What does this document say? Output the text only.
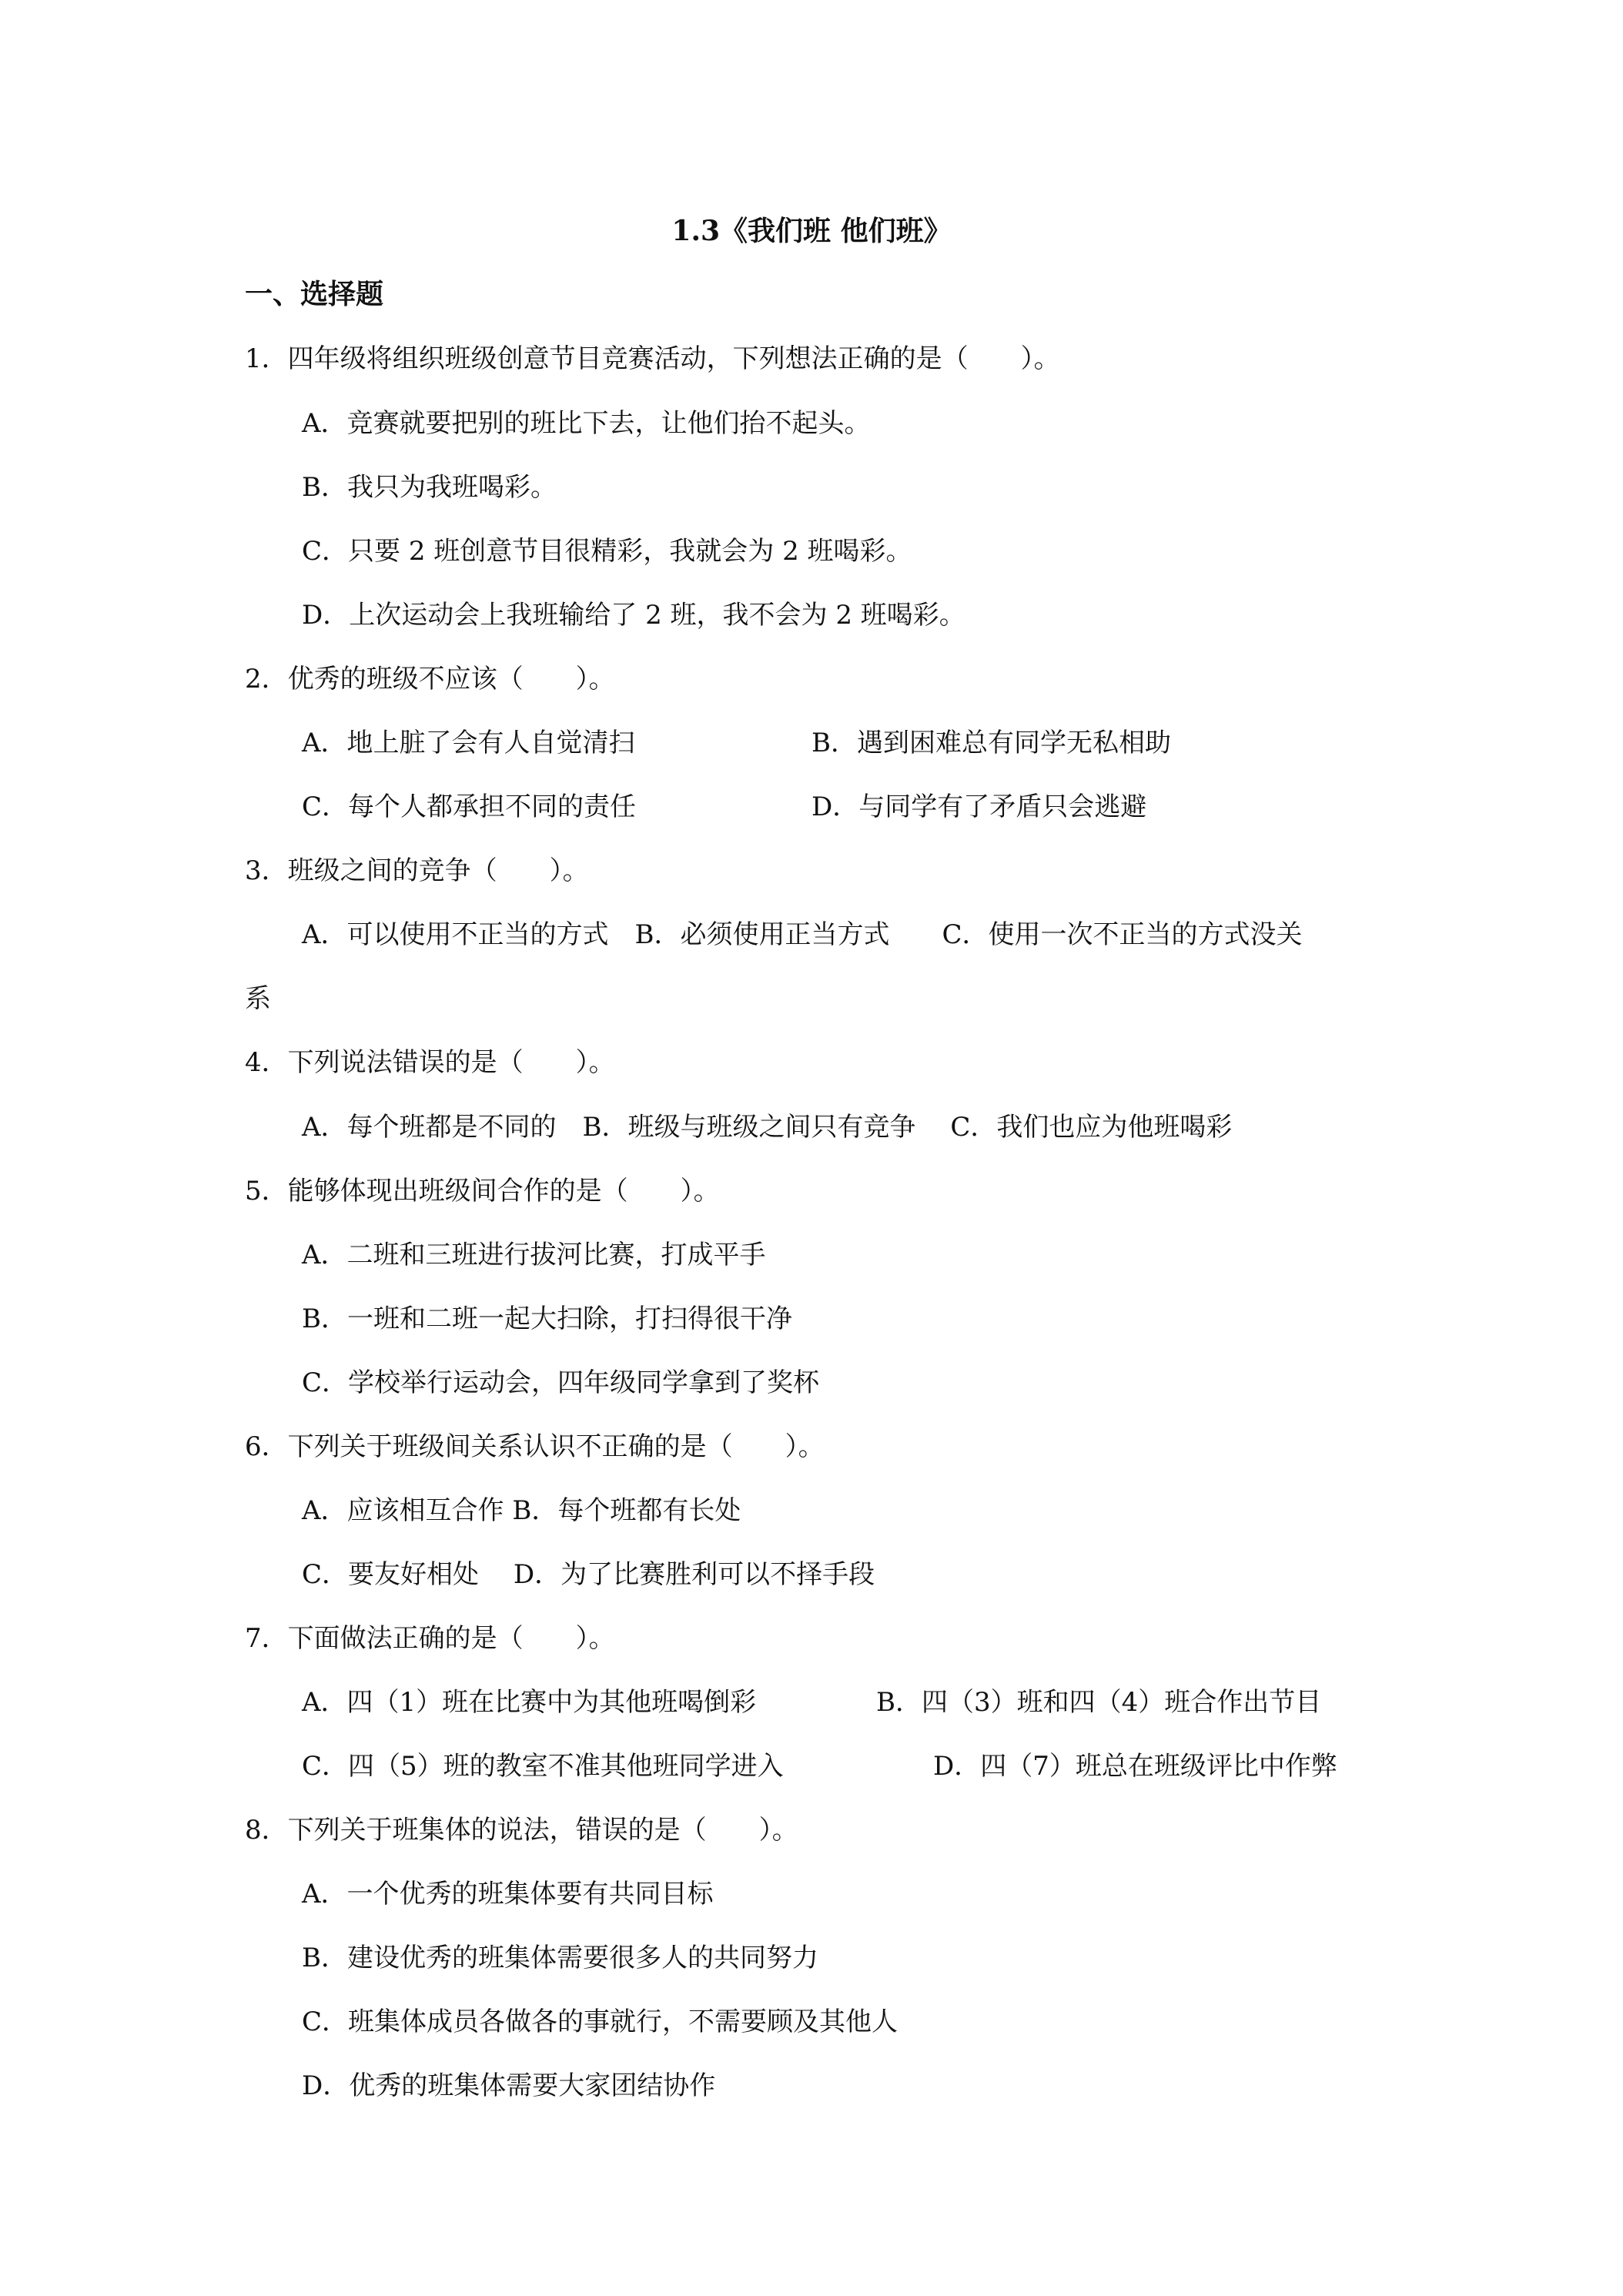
1.3《我们班 他们班》
一、选择题
1．四年级将组织班级创意节目竞赛活动，下列想法正确的是（　　）。
A．竞赛就要把别的班比下去，让他们抬不起头。
B．我只为我班喝彩。
C．只要 2 班创意节目很精彩，我就会为 2 班喝彩。
D．上次运动会上我班输给了 2 班，我不会为 2 班喝彩。
2．优秀的班级不应该（　　）。
A．地上脏了会有人自觉清扫	B．遇到困难总有同学无私相助
C．每个人都承担不同的责任	D．与同学有了矛盾只会逃避
3．班级之间的竞争（　　）。
A．可以使用不正当的方式　B．必须使用正当方式　　C．使用一次不正当的方式没关
系
4．下列说法错误的是（　　）。
A．每个班都是不同的　B．班级与班级之间只有竞争　 C．我们也应为他班喝彩
5．能够体现出班级间合作的是（　　）。
A．二班和三班进行拔河比赛，打成平手
B．一班和二班一起大扫除，打扫得很干净
C．学校举行运动会，四年级同学拿到了奖杯
6．下列关于班级间关系认识不正确的是（　　）。
A．应该相互合作 B．每个班都有长处
C．要友好相处　 D．为了比赛胜利可以不择手段
7．下面做法正确的是（　　）。
A．四（1）班在比赛中为其他班喝倒彩	B．四（3）班和四（4）班合作出节目
C．四（5）班的教室不准其他班同学进入	D．四（7）班总在班级评比中作弊
8．下列关于班集体的说法，错误的是（　　）。
A．一个优秀的班集体要有共同目标
B．建设优秀的班集体需要很多人的共同努力
C．班集体成员各做各的事就行，不需要顾及其他人
D．优秀的班集体需要大家团结协作
